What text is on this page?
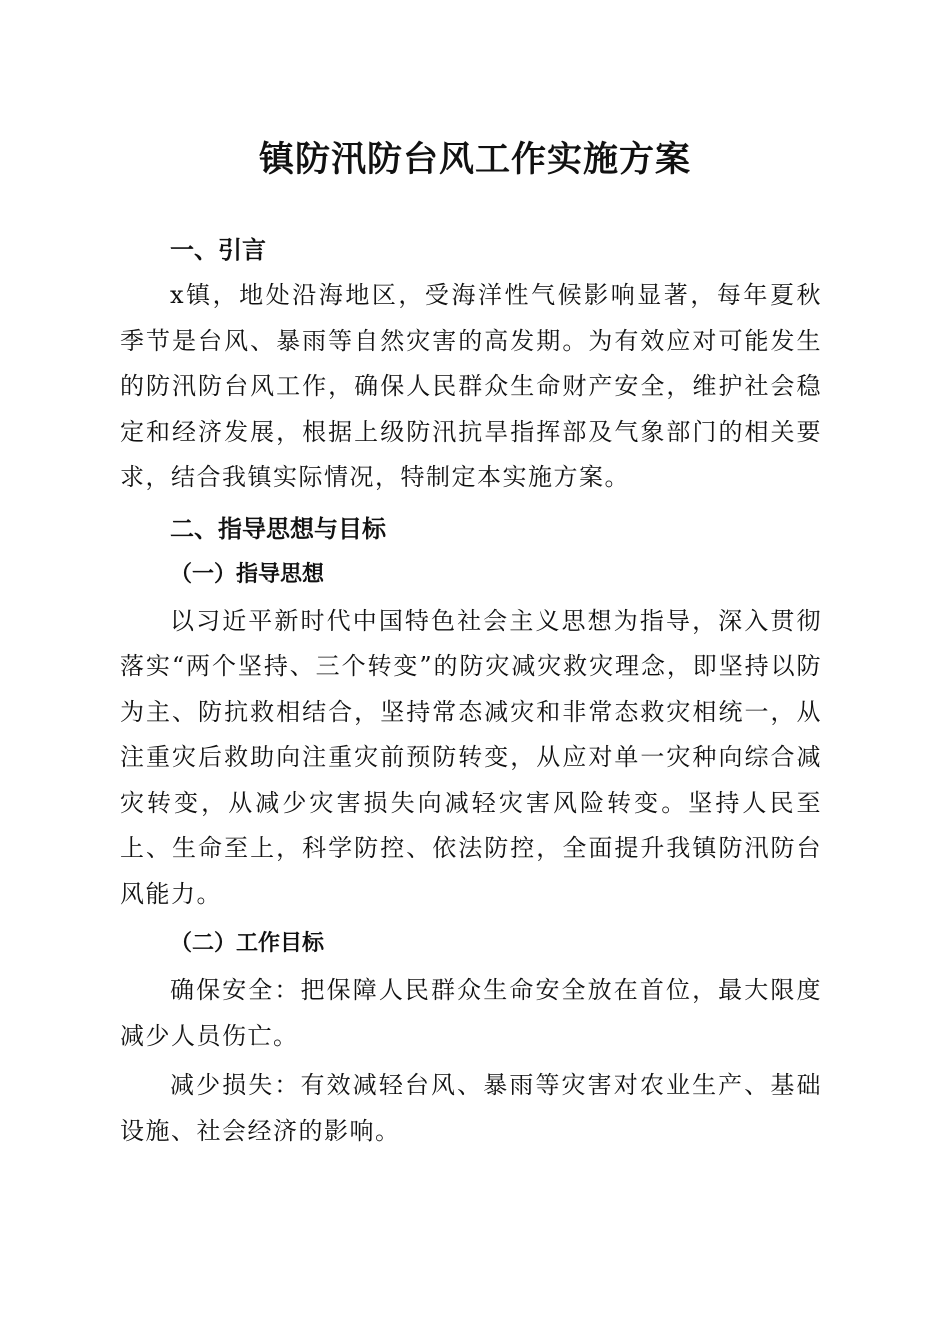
镇防汛防台风工作实施方案
一、引言

x镇，地处沿海地区，受海洋性气候影响显著，每年夏秋季节是台风、暴雨等自然灾害的高发期。为有效应对可能发生的防汛防台风工作，确保人民群众生命财产安全，维护社会稳定和经济发展，根据上级防汛抗旱指挥部及气象部门的相关要求，结合我镇实际情况，特制定本实施方案。

二、指导思想与目标
（一）指导思想

以习近平新时代中国特色社会主义思想为指导，深入贯彻落实“两个坚持、三个转变”的防灾减灾救灾理念，即坚持以防为主、防抗救相结合，坚持常态减灾和非常态救灾相统一，从注重灾后救助向注重灾前预防转变，从应对单一灾种向综合减灾转变，从减少灾害损失向减轻灾害风险转变。坚持人民至上、生命至上，科学防控、依法防控，全面提升我镇防汛防台风能力。

（二）工作目标

确保安全：把保障人民群众生命安全放在首位，最大限度减少人员伤亡。

减少损失：有效减轻台风、暴雨等灾害对农业生产、基础设施、社会经济的影响。
